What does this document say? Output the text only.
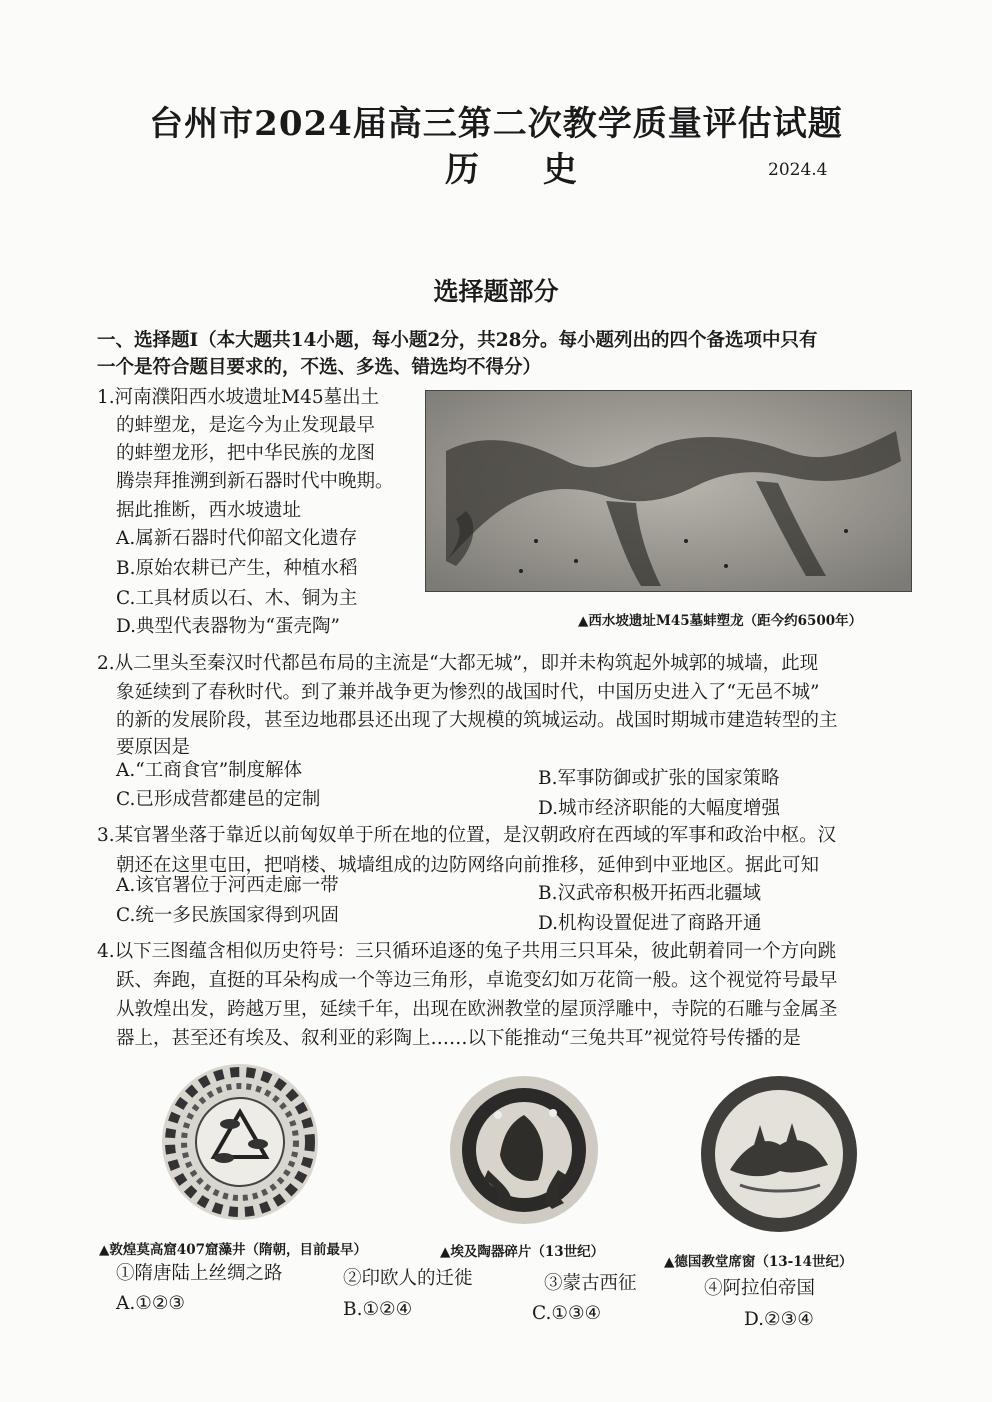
台州市2024届高三第二次教学质量评估试题
历 史	2024.4
选择题部分
一、选择题Ⅰ（本大题共14小题，每小题2分，共28分。每小题列出的四个备选项中只有
一个是符合题目要求的，不选、多选、错选均不得分）
1.河南濮阳西水坡遗址M45墓出土
的蚌塑龙，是迄今为止发现最早
的蚌塑龙形，把中华民族的龙图
腾崇拜推溯到新石器时代中晚期。
据此推断，西水坡遗址
A.属新石器时代仰韶文化遗存
B.原始农耕已产生，种植水稻
C.工具材质以石、木、铜为主
D.典型代表器物为“蛋壳陶”	▲西水坡遗址M45墓蚌塑龙（距今约6500年）
2.从二里头至秦汉时代都邑布局的主流是“大都无城”，即并未构筑起外城郭的城墙，此现
象延续到了春秋时代。到了兼并战争更为惨烈的战国时代，中国历史进入了“无邑不城”
的新的发展阶段，甚至边地郡县还出现了大规模的筑城运动。战国时期城市建造转型的主
要原因是
A.“工商食官”制度解体	B.军事防御或扩张的国家策略
C.已形成营都建邑的定制	D.城市经济职能的大幅度增强
3.某官署坐落于靠近以前匈奴单于所在地的位置，是汉朝政府在西域的军事和政治中枢。汉
朝还在这里屯田，把哨楼、城墙组成的边防网络向前推移，延伸到中亚地区。据此可知
A.该官署位于河西走廊一带	B.汉武帝积极开拓西北疆域
C.统一多民族国家得到巩固	D.机构设置促进了商路开通
4.以下三图蕴含相似历史符号：三只循环追逐的兔子共用三只耳朵，彼此朝着同一个方向跳
跃、奔跑，直挺的耳朵构成一个等边三角形，卓诡变幻如万花筒一般。这个视觉符号最早
从敦煌出发，跨越万里，延续千年，出现在欧洲教堂的屋顶浮雕中，寺院的石雕与金属圣
器上，甚至还有埃及、叙利亚的彩陶上……以下能推动“三兔共耳”视觉符号传播的是
▲敦煌莫高窟407窟藻井（隋朝，目前最早）	▲埃及陶器碎片（13世纪）
▲德国教堂席窗（13-14世纪）
①隋唐陆上丝绸之路	②印欧人的迁徙	③蒙古西征	④阿拉伯帝国
A.①②③	B.①②④	C.①③④	D.②③④
